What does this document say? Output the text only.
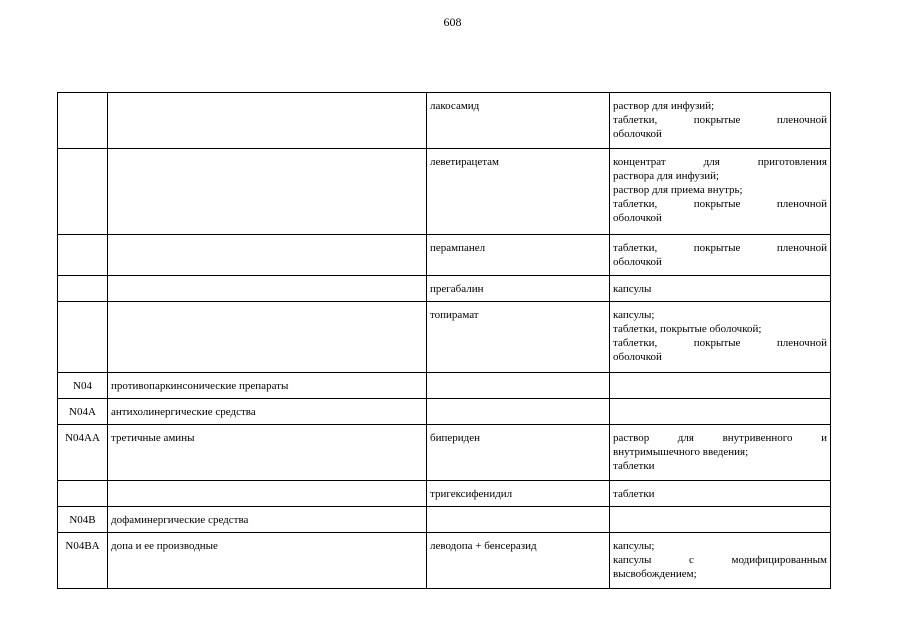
608
		лакосамид	раствор для инфузий;
таблетки, покрытые пленочной
оболочкой

		леветирацетам	концентрат для приготовления
раствора для инфузий;
раствор для приема внутрь;
таблетки, покрытые пленочной
оболочкой

		перампанел	таблетки, покрытые пленочной
оболочкой

		прегабалин	капсулы

		топирамат	капсулы;
таблетки, покрытые оболочкой;
таблетки, покрытые пленочной
оболочкой

N04	противопаркинсонические препараты		
N04A	антихолинергические средства		
N04AA	третичные амины	бипериден	раствор для внутривенного и
внутримышечного введения;
таблетки

		тригексифенидил	таблетки

N04B	дофаминергические средства		
N04BA	допа и ее производные	леводопа + бенсеразид	капсулы;
капсулы с модифицированным
высвобождением;
